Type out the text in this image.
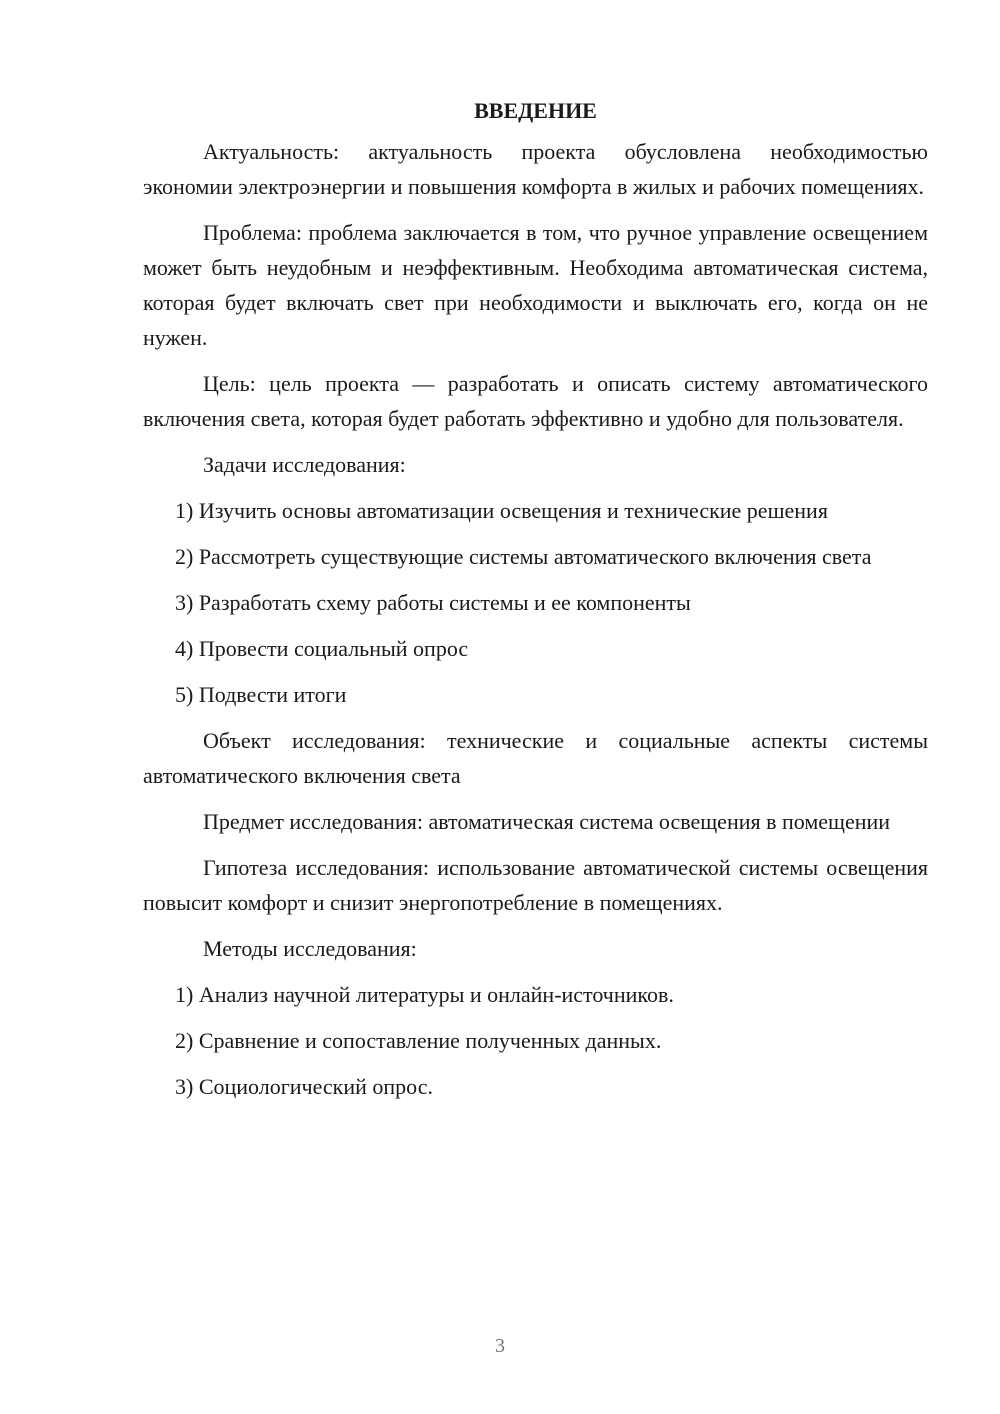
ВВЕДЕНИЕ

Актуальность: актуальность проекта обусловлена необходимостью экономии электроэнергии и повышения комфорта в жилых и рабочих помещениях.

Проблема: проблема заключается в том, что ручное управление освещением может быть неудобным и неэффективным. Необходима автоматическая система, которая будет включать свет при необходимости и выключать его, когда он не нужен.

Цель: цель проекта — разработать и описать систему автоматического включения света, которая будет работать эффективно и удобно для пользователя.

Задачи исследования:

1) Изучить основы автоматизации освещения и технические решения

2) Рассмотреть существующие системы автоматического включения света

3) Разработать схему работы системы и ее компоненты

4) Провести социальный опрос

5) Подвести итоги

Объект исследования: технические и социальные аспекты системы автоматического включения света

Предмет исследования: автоматическая система освещения в помещении

Гипотеза исследования: использование автоматической системы освещения повысит комфорт и снизит энергопотребление в помещениях.

Методы исследования:

1) Анализ научной литературы и онлайн-источников.

2) Сравнение и сопоставление полученных данных.

3) Социологический опрос.

3
